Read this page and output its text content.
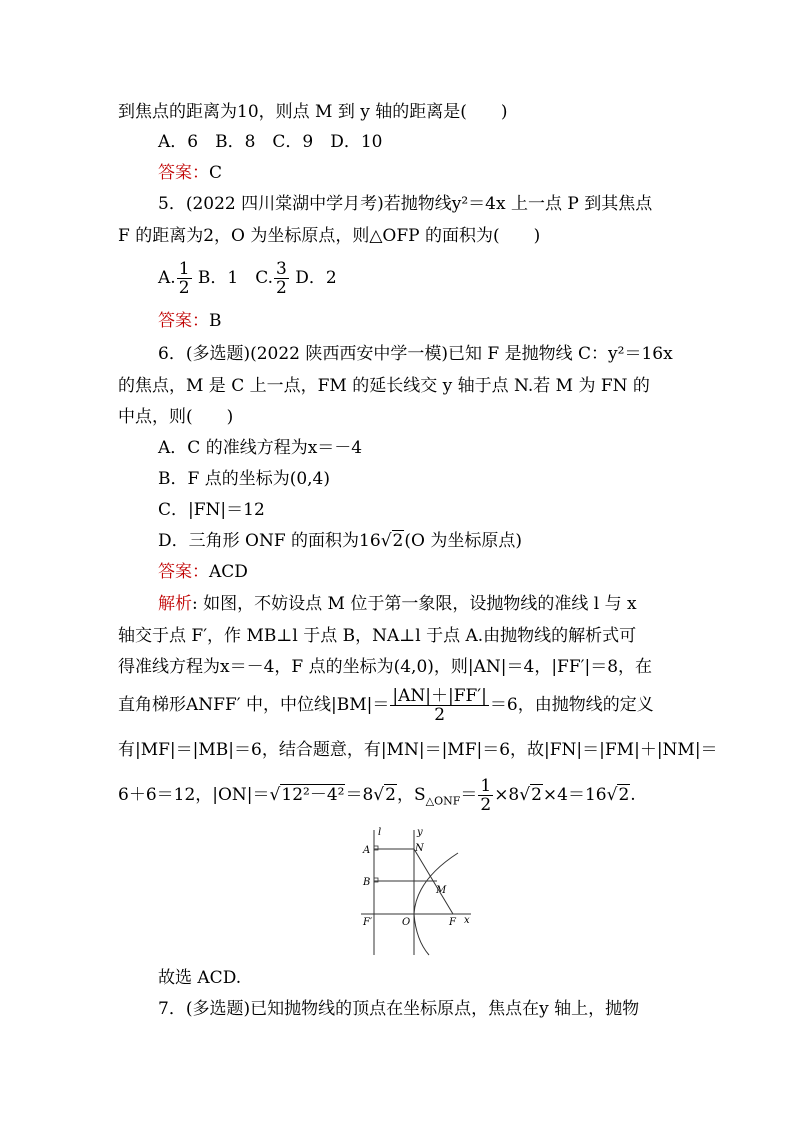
到焦点的距离为10，则点 M 到 y 轴的距离是(　　)
A．6　B．8　C．9　D．10
答案：C
5．(2022 四川棠湖中学月考)若抛物线y²＝4x 上一点 P 到其焦点
F 的距离为2，O 为坐标原点，则△OFP 的面积为(　　)
A. $\frac{1}{2}$ B．1　C. $\frac{3}{2}$ D．2
答案：B
6．(多选题)(2022 陕西西安中学一模)已知 F 是抛物线 C：y²＝16x
的焦点，M 是 C 上一点，FM 的延长线交 y 轴于点 N.若 M 为 FN 的
中点，则(　　)
A．C 的准线方程为x＝－4
B．F 点的坐标为(0,4)
C．|FN|＝12
D．三角形 ONF 的面积为16√2(O 为坐标原点)
答案：ACD
解析: 如图，不妨设点 M 位于第一象限，设抛物线的准线 l 与 x
轴交于点 F′，作 MB⊥l 于点 B，NA⊥l 于点 A.由抛物线的解析式可
得准线方程为x＝－4，F 点的坐标为(4,0)，则|AN|＝4，|FF′|＝8，在
直角梯形ANFF′ 中，中位线$|BM|= \frac{|AN|+|FF'|}{2} =6$，由抛物线的定义
有|MF|＝|MB|＝6，结合题意，有|MN|＝|MF|＝6，故|FN|＝|FM|＋|NM|＝
6＋6＝12，|ON|＝√12²－4²＝8√2，$S_{\triangle ONF}= \frac{1}{2} \times 8√2\times 4=16√2$.
l	y
x
A	N
B
M
F′	O	F
故选 ACD.
7．(多选题)已知抛物线的顶点在坐标原点，焦点在y 轴上，抛物
